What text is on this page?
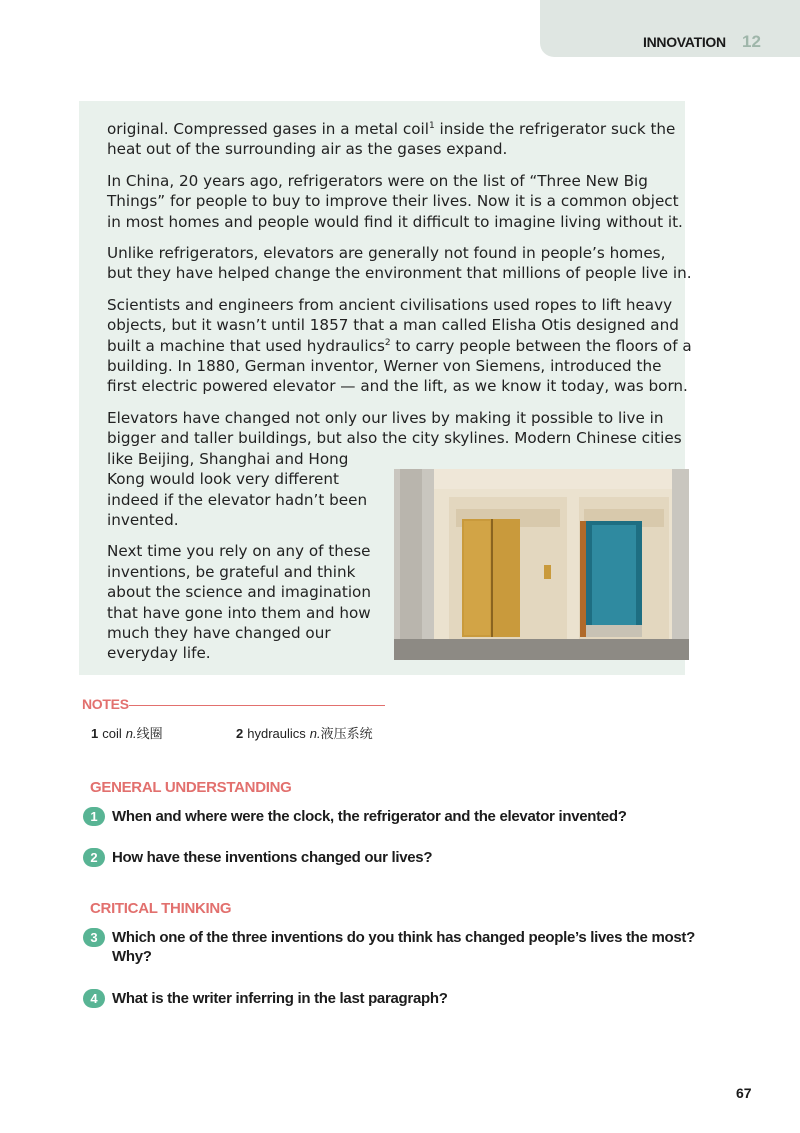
INNOVATION 12

original. Compressed gases in a metal coil$^1$ inside the refrigerator suck the heat out of the surrounding air as the gases expand.

In China, 20 years ago, refrigerators were on the list of “Three New Big Things” for people to buy to improve their lives. Now it is a common object in most homes and people would find it difficult to imagine living without it.

Unlike refrigerators, elevators are generally not found in people’s homes, but they have helped change the environment that millions of people live in.

Scientists and engineers from ancient civilisations used ropes to lift heavy objects, but it wasn’t until 1857 that a man called Elisha Otis designed and built a machine that used hydraulics$^2$ to carry people between the floors of a building. In 1880, German inventor, Werner von Siemens, introduced the first electric powered elevator — and the lift, as we know it today, was born.

Elevators have changed not only our lives by making it possible to live in bigger and taller buildings, but also the city skylines. Modern Chinese cities

like Beijing, Shanghai and Hong Kong would look very different indeed if the elevator hadn’t been invented.

Next time you rely on any of these inventions, be grateful and think about the science and imagination that have gone into them and how much they have changed our everyday life.

NOTES
1 coil n.线圈	2 hydraulics n.液压系统
GENERAL UNDERSTANDING
1 When and where were the clock, the refrigerator and the elevator invented?
2 How have these inventions changed our lives?
CRITICAL THINKING
3 Which one of the three inventions do you think has changed people’s lives the most? Why?
4 What is the writer inferring in the last paragraph?
67
